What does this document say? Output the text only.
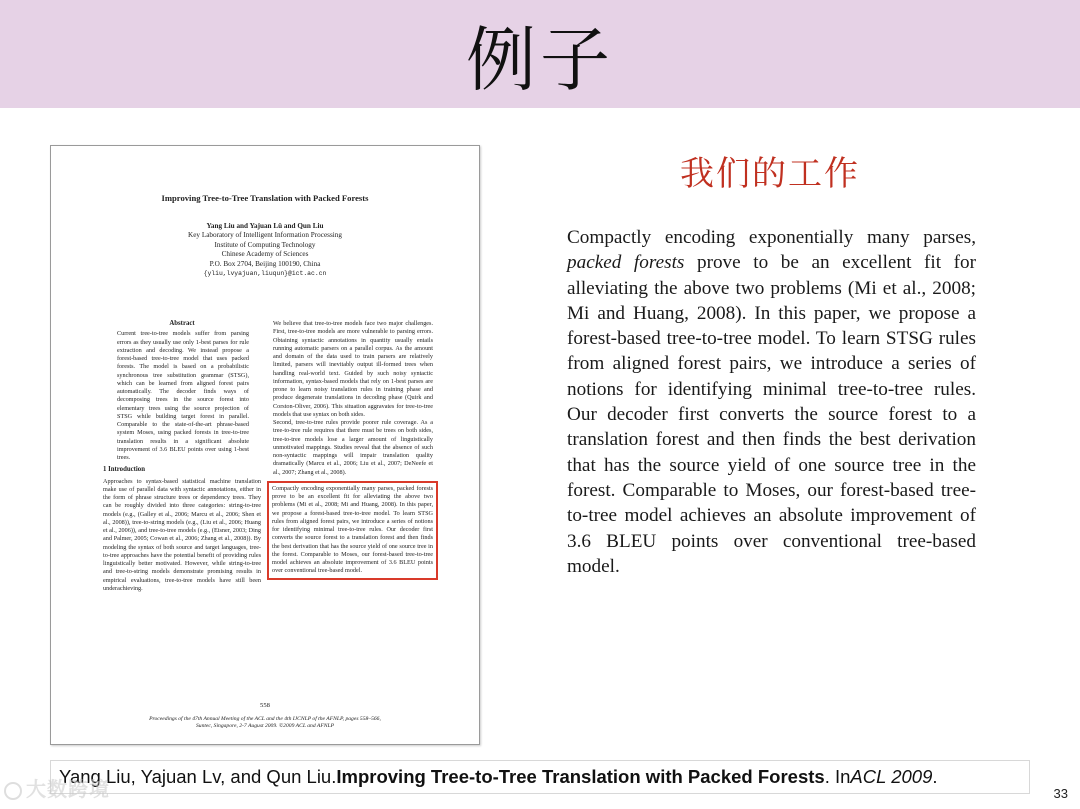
例子
Improving Tree-to-Tree Translation with Packed Forests
Yang Liu and Yajuan Lü and Qun Liu
Key Laboratory of Intelligent Information Processing
Institute of Computing Technology
Chinese Academy of Sciences
P.O. Box 2704, Beijing 100190, China
{yliu,lvyajuan,liuqun}@ict.ac.cn
Abstract

Current tree-to-tree models suffer from parsing errors as they usually use only 1-best parses for rule extraction and decoding. We instead propose a forest-based tree-to-tree model that uses packed forests. The model is based on a probabilistic synchronous tree substitution grammar (STSG), which can be learned from aligned forest pairs automatically. The decoder finds ways of decomposing trees in the source forest into elementary trees using the source projection of STSG while building target forest in parallel. Comparable to the state-of-the-art phrase-based system Moses, using packed forests in tree-to-tree translation results in a significant absolute improvement of 3.6 BLEU points over using 1-best trees.

1 Introduction

Approaches to syntax-based statistical machine translation make use of parallel data with syntactic annotations, either in the form of phrase structure trees or dependency trees. They can be roughly divided into three categories: string-to-tree models (e.g., (Galley et al., 2006; Marcu et al., 2006; Shen et al., 2008)), tree-to-string models (e.g., (Liu et al., 2006; Huang et al., 2006)), and tree-to-tree models (e.g., (Eisner, 2003; Ding and Palmer, 2005; Cowan et al., 2006; Zhang et al., 2008)). By modeling the syntax of both source and target languages, tree-to-tree approaches have the potential benefit of providing rules linguistically better motivated. However, while string-to-tree and tree-to-string models demonstrate promising results in empirical evaluations, tree-to-tree models have still been underachieving.

We believe that tree-to-tree models face two major challenges. First, tree-to-tree models are more vulnerable to parsing errors. Obtaining syntactic annotations in quantity usually entails running automatic parsers on a parallel corpus. As the amount and domain of the data used to train parsers are relatively limited, parsers will inevitably output ill-formed trees when handling real-world text. Guided by such noisy syntactic information, syntax-based models that rely on 1-best parses are prone to learn noisy translation rules in training phase and produce degenerate translations in decoding phase (Quirk and Corston-Oliver, 2006). This situation aggravates for tree-to-tree models that use syntax on both sides.

Second, tree-to-tree rules provide poorer rule coverage. As a tree-to-tree rule requires that there must be trees on both sides, tree-to-tree models lose a larger amount of linguistically unmotivated mappings. Studies reveal that the absence of such non-syntactic mappings will impair translation quality dramatically (Marcu et al., 2006; Liu et al., 2007; DeNeefe et al., 2007; Zhang et al., 2008).

Compactly encoding exponentially many parses, packed forests prove to be an excellent fit for alleviating the above two problems (Mi et al., 2008; Mi and Huang, 2008). In this paper, we propose a forest-based tree-to-tree model. To learn STSG rules from aligned forest pairs, we introduce a series of notions for identifying minimal tree-to-tree rules. Our decoder first converts the source forest to a translation forest and then finds the best derivation that has the source yield of one source tree in the forest. Comparable to Moses, our forest-based tree-to-tree model achieves an absolute improvement of 3.6 BLEU points over conventional tree-based model.

558
Proceedings of the 47th Annual Meeting of the ACL and the 4th IJCNLP of the AFNLP, pages 558–566,
Suntec, Singapore, 2-7 August 2009. ©2009 ACL and AFNLP
我们的工作

Compactly encoding exponentially many parses, packed forests prove to be an excellent fit for alleviating the above two problems (Mi et al., 2008; Mi and Huang, 2008). In this paper, we propose a forest-based tree-to-tree model. To learn STSG rules from aligned forest pairs, we introduce a series of notions for identifying minimal tree-to-tree rules. Our decoder first converts the source forest to a translation forest and then finds the best derivation that has the source yield of one source tree in the forest. Comparable to Moses, our forest-based tree-to-tree model achieves an absolute improvement of 3.6 BLEU points over conventional tree-based model.

Yang Liu, Yajuan Lv, and Qun Liu. Improving Tree-to-Tree Translation with Packed Forests . In ACL 2009 .
大数跨境	33
